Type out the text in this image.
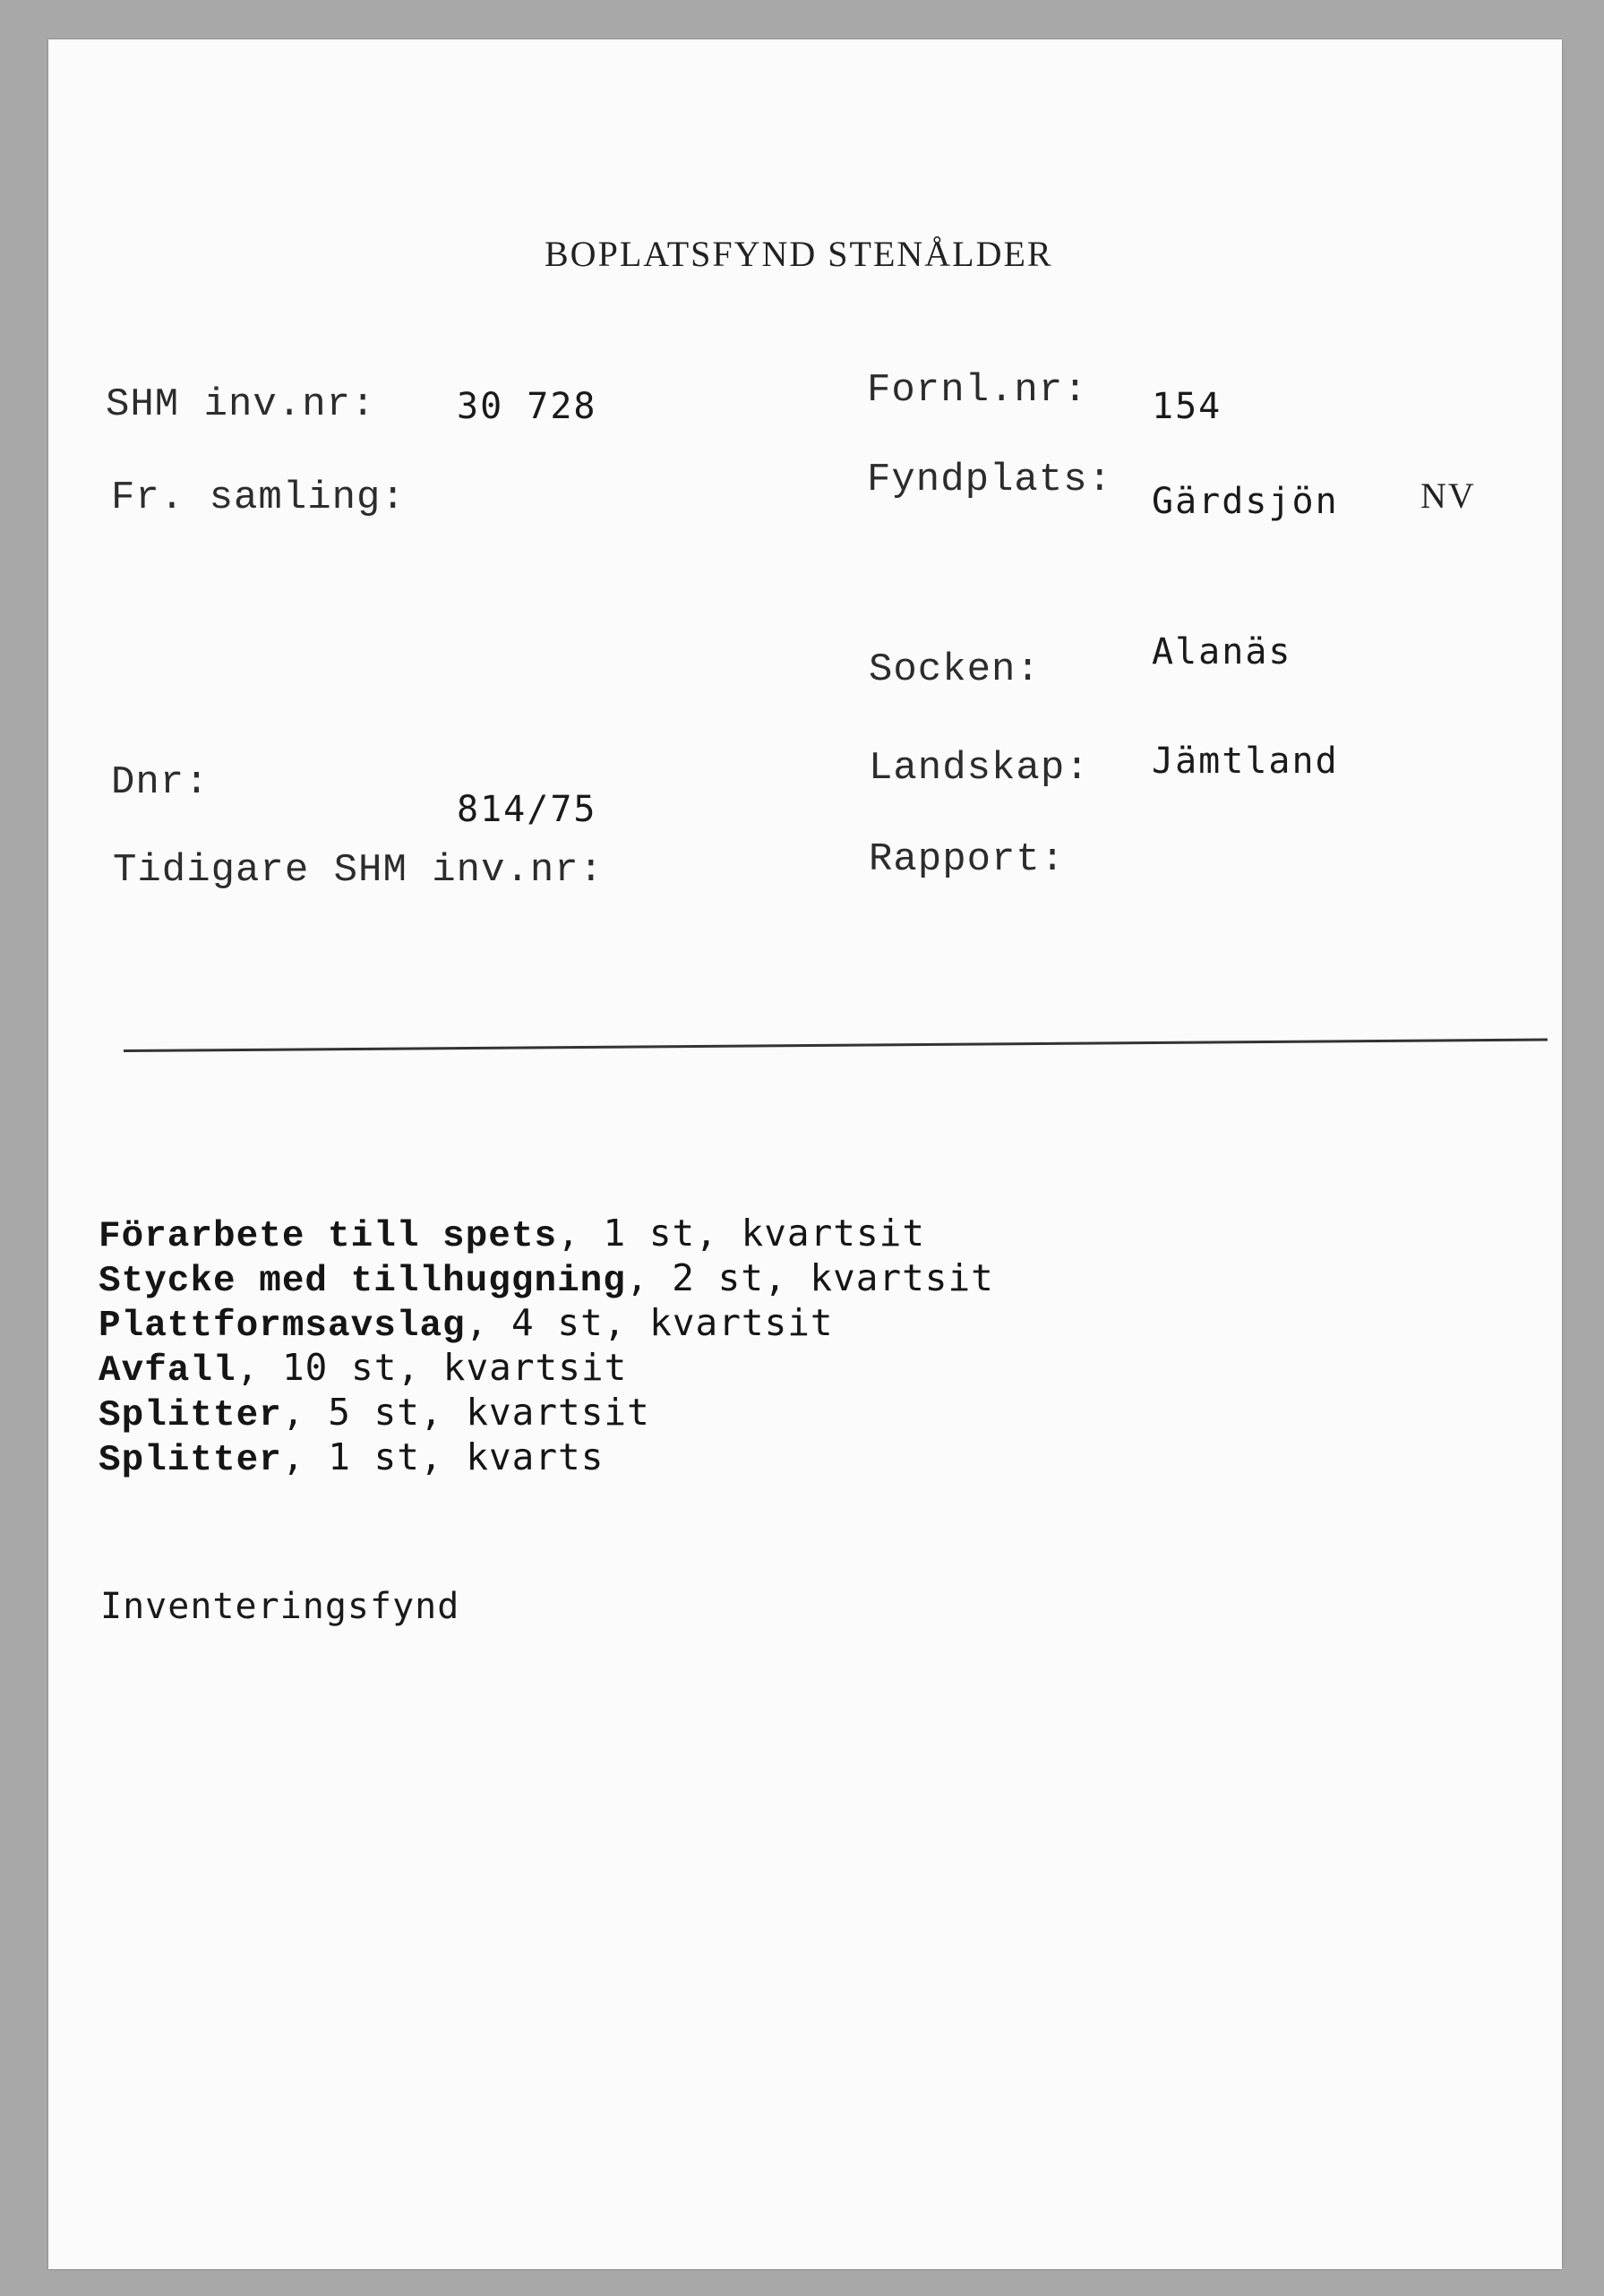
BOPLATSFYND STENÅLDER
SHM inv.nr: 30 728
Fr. samling:
Dnr:
814/75
Tidigare SHM inv.nr:
Fornl.nr: 154
Fyndplats: Gärdsjön NV
Socken:	Alanäs
Landskap: Jämtland
Rapport:
Förarbete till spets, 1 st, kvartsit
Stycke med tillhuggning, 2 st, kvartsit
Plattformsavslag, 4 st, kvartsit
Avfall, 10 st, kvartsit
Splitter, 5 st, kvartsit
Splitter, 1 st, kvarts
Inventeringsfynd
